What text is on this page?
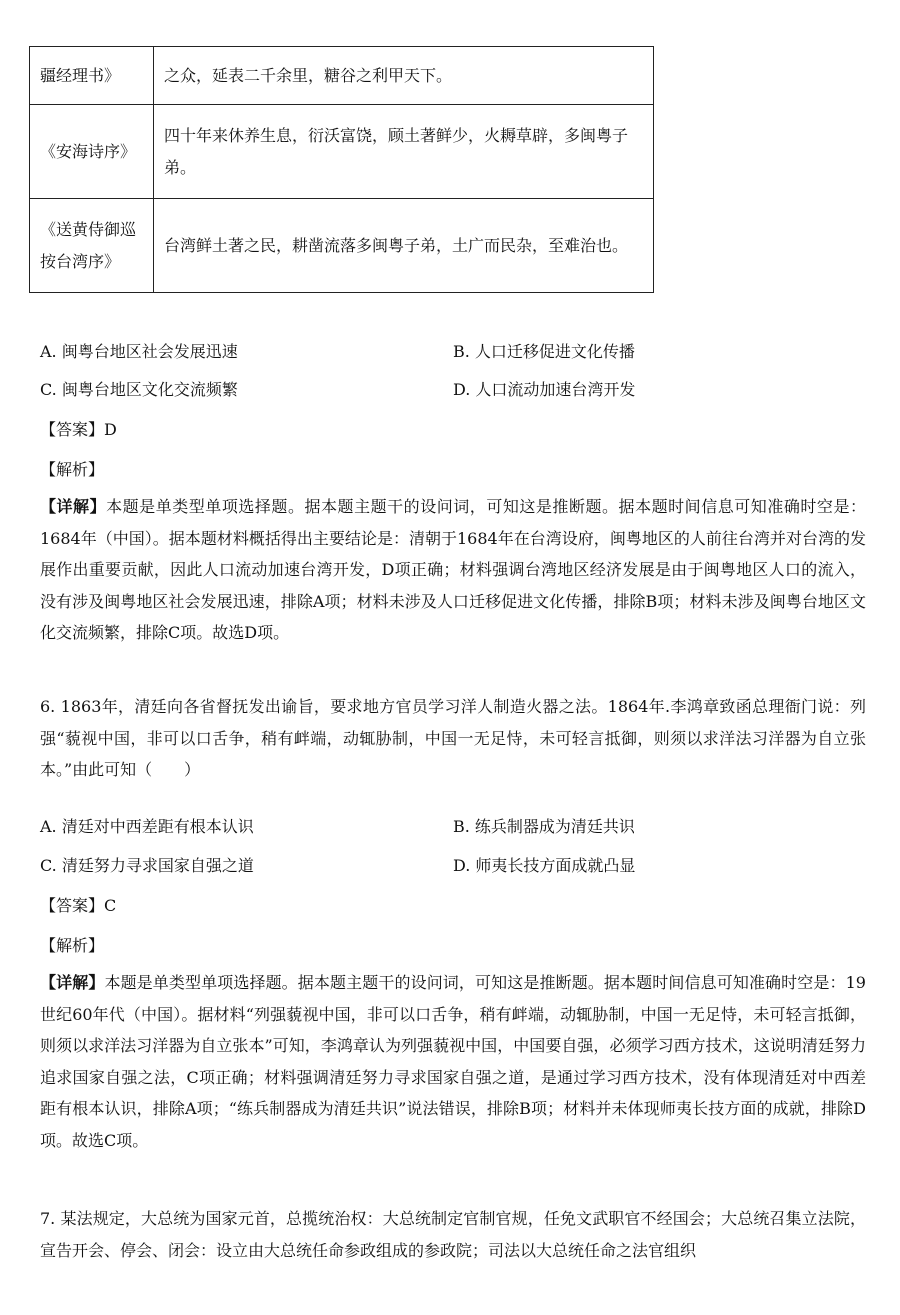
疆经理书》	之众，延表二千余里，糖谷之利甲天下。
《安海诗序》	四十年来休养生息，衍沃富饶，顾土著鲜少，火耨草辟，多闽粤子弟。
《送黄侍御巡按台湾序》	台湾鲜土著之民，耕凿流落多闽粤子弟，土广而民杂，至难治也。
A. 闽粤台地区社会发展迅速	B. 人口迁移促进文化传播
C. 闽粤台地区文化交流频繁	D. 人口流动加速台湾开发
【答案】D
【解析】

【详解】本题是单类型单项选择题。据本题主题干的设问词，可知这是推断题。据本题时间信息可知准确时空是：1684年（中国）。据本题材料概括得出主要结论是：清朝于1684年在台湾设府，闽粤地区的人前往台湾并对台湾的发展作出重要贡献，因此人口流动加速台湾开发，D项正确；材料强调台湾地区经济发展是由于闽粤地区人口的流入，没有涉及闽粤地区社会发展迅速，排除A项；材料未涉及人口迁移促进文化传播，排除B项；材料未涉及闽粤台地区文化交流频繁，排除C项。故选D项。

6. 1863年，清廷向各省督抚发出谕旨，要求地方官员学习洋人制造火器之法。1864年.李鸿章致函总理衙门说：列强“藐视中国，非可以口舌争，稍有衅端，动辄胁制，中国一无足恃，未可轻言抵御，则须以求洋法习洋器为自立张本。”由此可知（　　）

A. 清廷对中西差距有根本认识	B. 练兵制器成为清廷共识
C. 清廷努力寻求国家自强之道	D. 师夷长技方面成就凸显
【答案】C
【解析】

【详解】本题是单类型单项选择题。据本题主题干的设问词，可知这是推断题。据本题时间信息可知准确时空是：19世纪60年代（中国）。据材料“列强藐视中国，非可以口舌争，稍有衅端，动辄胁制，中国一无足恃，未可轻言抵御，则须以求洋法习洋器为自立张本”可知，李鸿章认为列强藐视中国，中国要自强，必须学习西方技术，这说明清廷努力追求国家自强之法，C项正确；材料强调清廷努力寻求国家自强之道，是通过学习西方技术，没有体现清廷对中西差距有根本认识，排除A项；“练兵制器成为清廷共识”说法错误，排除B项；材料并未体现师夷长技方面的成就，排除D项。故选C项。

7. 某法规定，大总统为国家元首，总揽统治权：大总统制定官制官规，任免文武职官不经国会；大总统召集立法院，宣告开会、停会、闭会：设立由大总统任命参政组成的参政院；司法以大总统任命之法官组织
